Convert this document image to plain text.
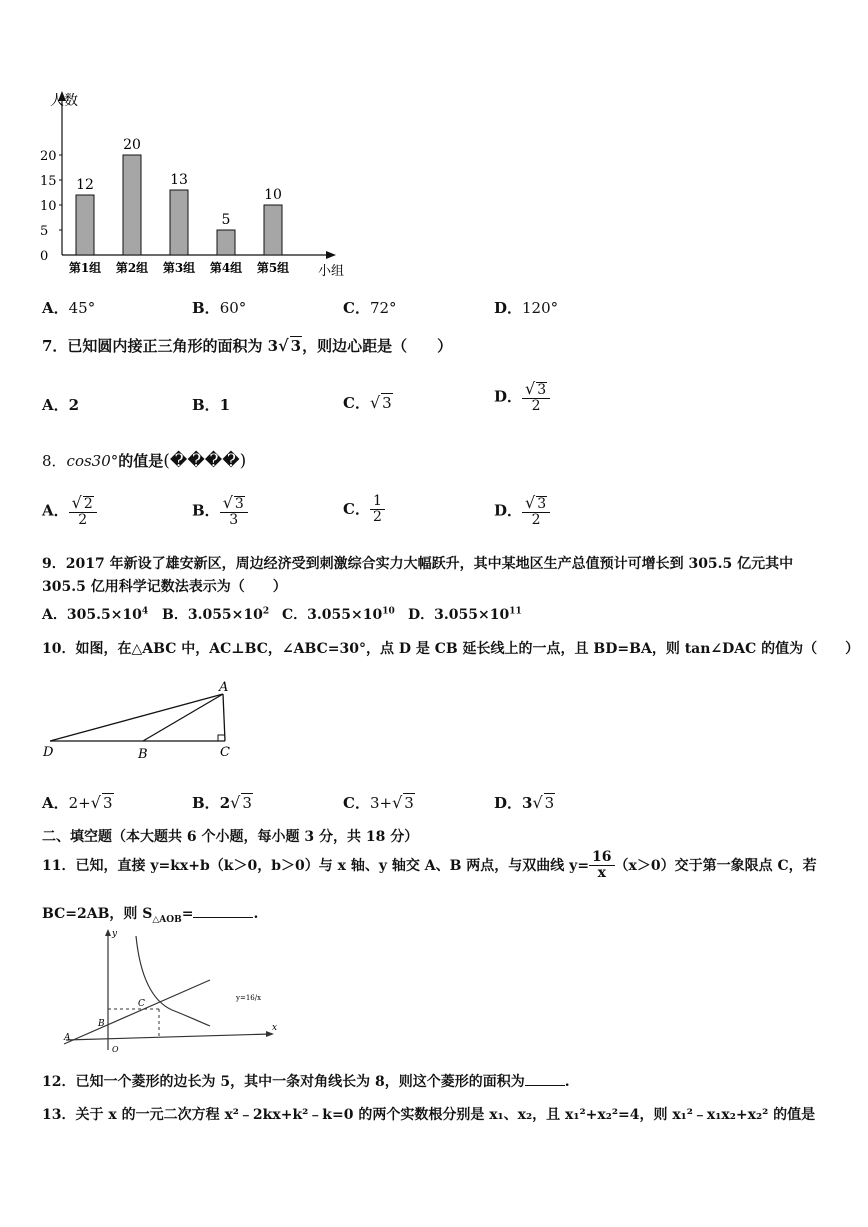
人数
小组
12
第1组
20
第2组
13
第3组
5
第4组
10
第5组
0
5
10
15
20
A．45°	B．60°	C．72°	D．120°
7．已知圆内接正三角形的面积为 3√ 3，则边心距是（　　）
A．2	B．1	C．√ 3	D． $\frac{√ 3}{2}$
8．cos30°的值是(����)
A． $\frac{√ 2}{2}$	B． $\frac{√ 3}{3}$	C． $\frac{1}{2}$	D． $\frac{√ 3}{2}$
9．2017 年新设了雄安新区，周边经济受到刺激综合实力大幅跃升，其中某地区生产总值预计可增长到 305.5 亿元其中
305.5 亿用科学记数法表示为（　　）
A．$305.5\times 10^4$ B．$3.055\times 10^2$ C．$3.055\times 10^{10}$ D．$3.055\times 10^{11}$
10．如图，在△ABC 中，AC⊥BC，∠ABC=30°，点 D 是 CB 延长线上的一点，且 BD=BA，则 tan∠DAC 的值为（　　）
A
B	C
D
A．2+√ 3	B．2√ 3	C．3+√ 3	D．3√ 3
二、填空题（本大题共 6 个小题，每小题 3 分，共 18 分）
11．已知，直接 y=kx+b（k＞0，b＞0）与 x 轴、y 轴交 A、B 两点，与双曲线 $y= \frac{16}{x} (x>0)$交于第一象限点 C，若
BC=2AB，则 $S_{\triangle AOB}=$	.
y
x
A
B
C
O
y=16/x
12．已知一个菱形的边长为 5，其中一条对角线长为 8，则这个菱形的面积为	.
13．关于 x 的一元二次方程 x²﹣2kx+k²﹣k=0 的两个实数根分别是 x₁、x₂，且 x₁²+x₂²=4，则 x₁²﹣x₁x₂+x₂² 的值是
